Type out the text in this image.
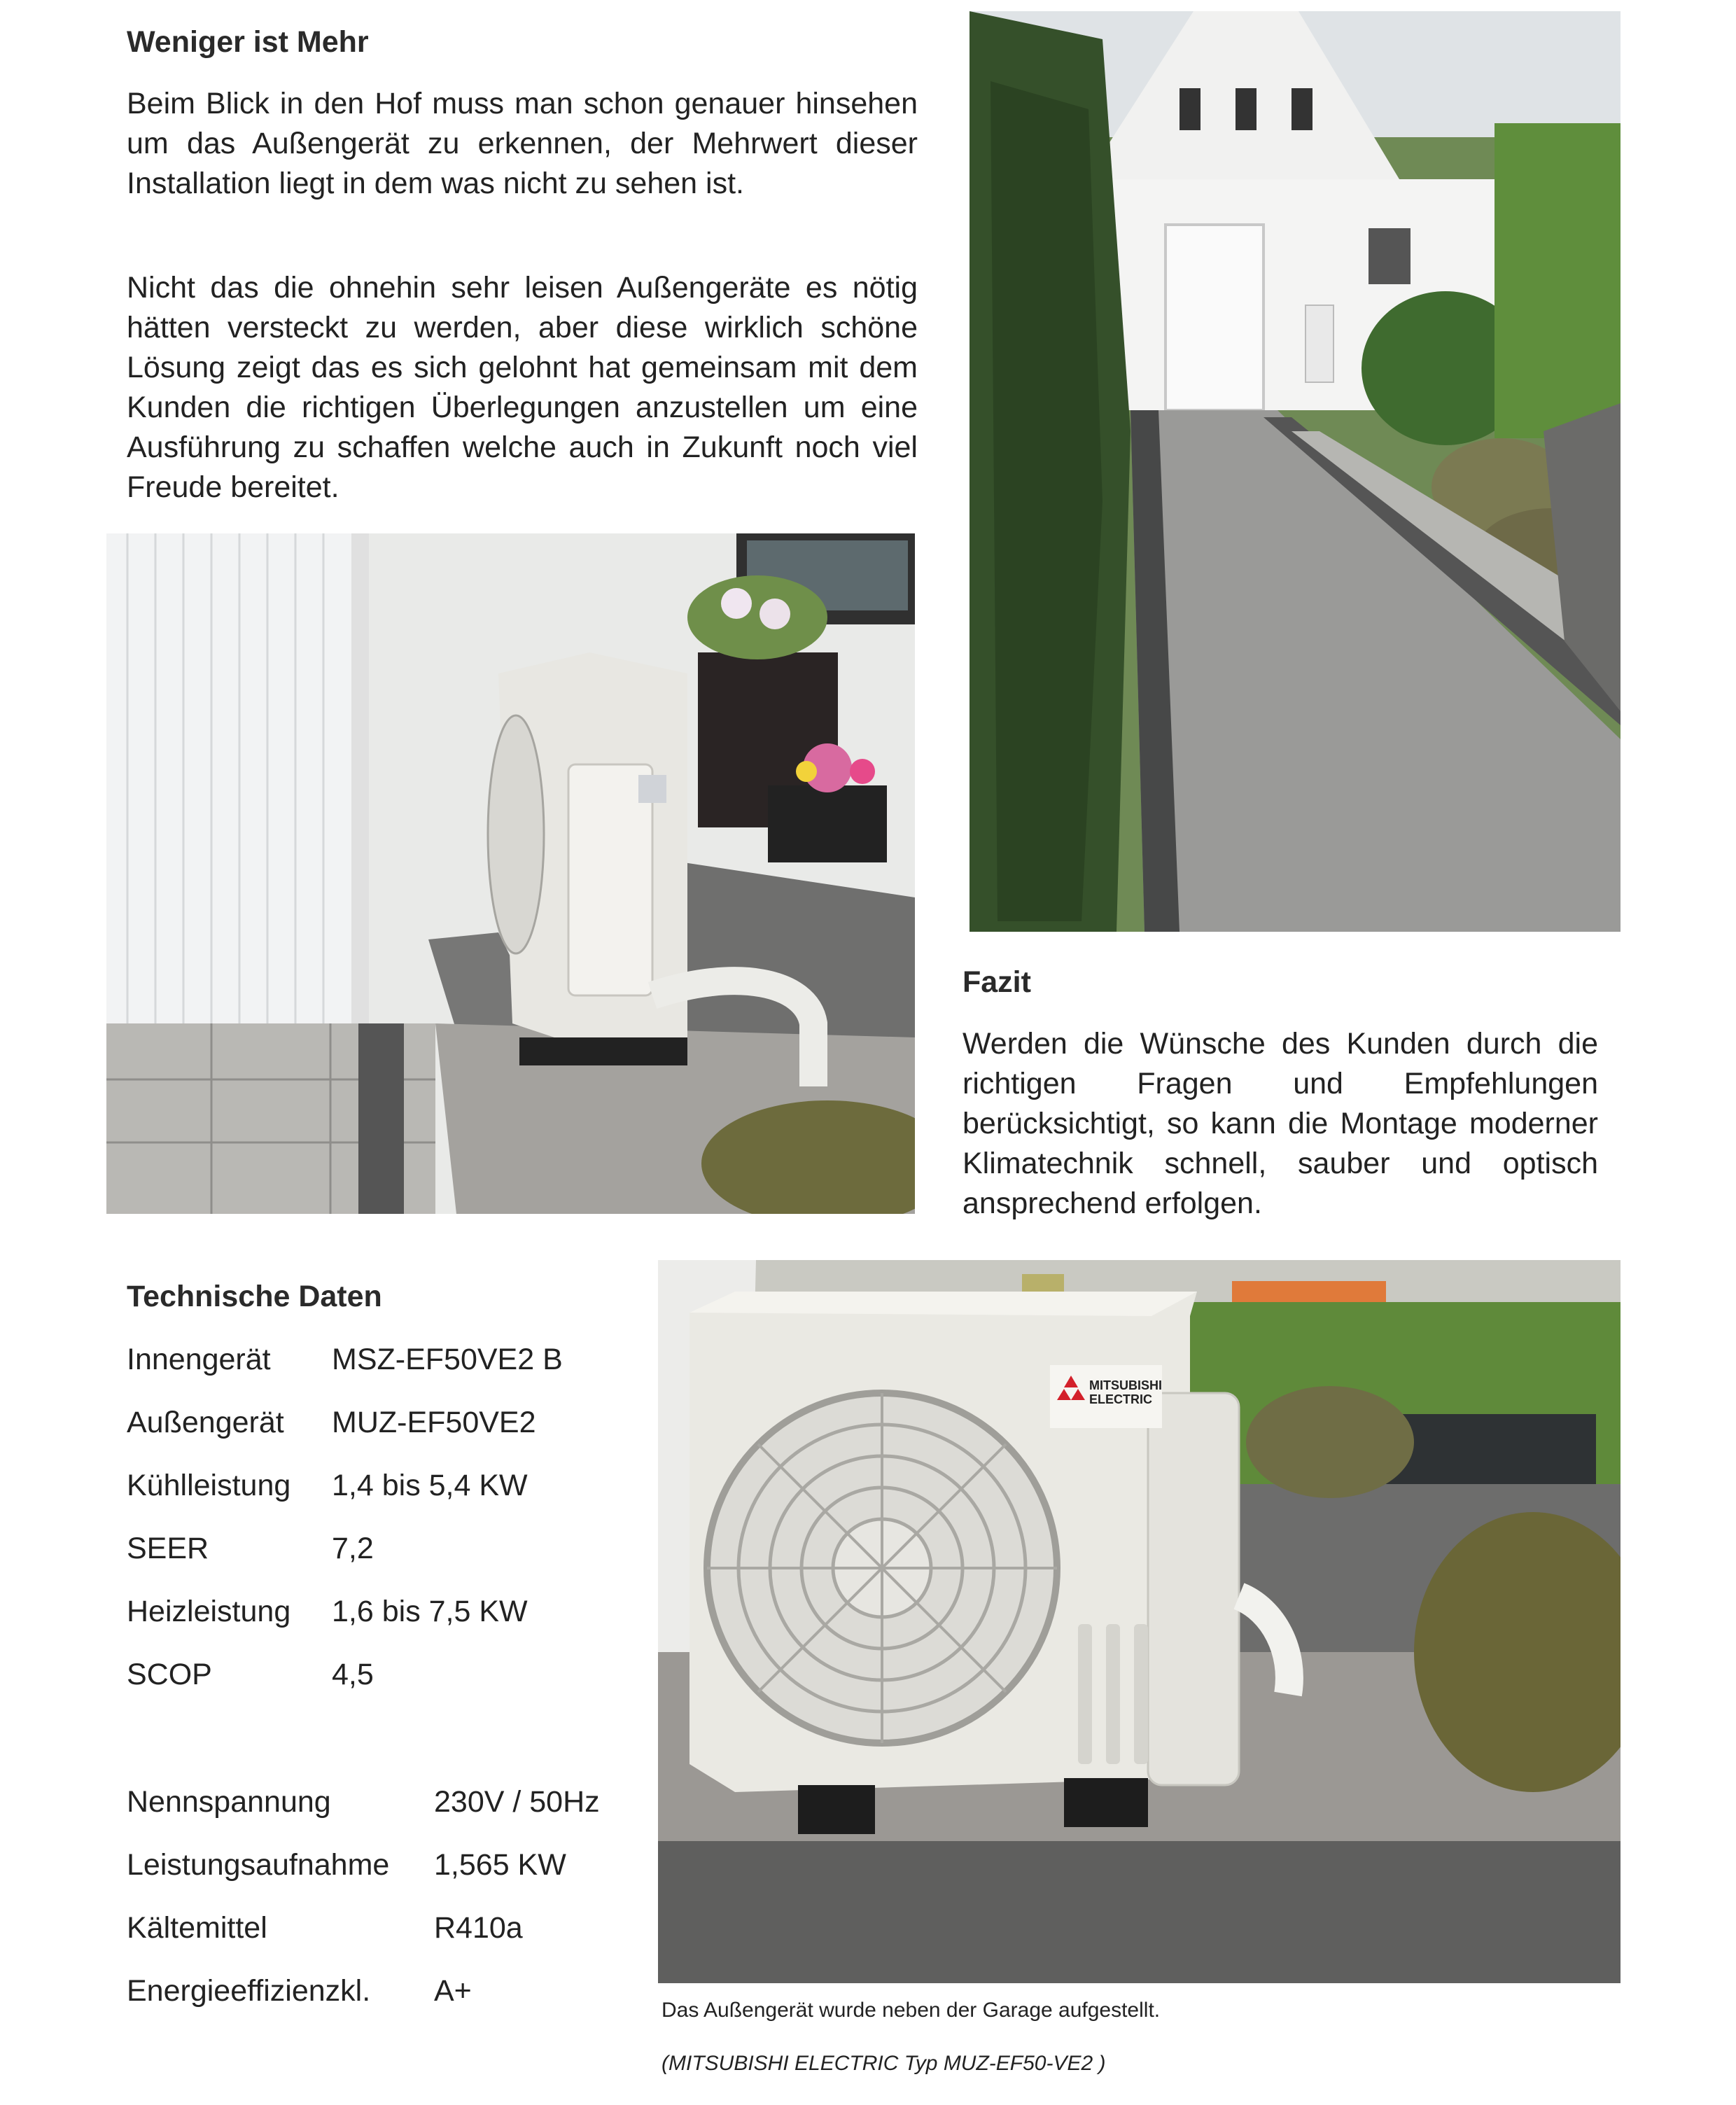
Weniger ist Mehr

Beim Blick in den Hof muss man schon genauer hinsehen um das Außengerät zu erkennen, der Mehrwert dieser Installation liegt in dem was nicht zu sehen ist.

Nicht das die ohnehin sehr leisen Außengeräte es nötig hätten versteckt zu werden, aber diese wirklich schöne Lösung zeigt das es sich gelohnt hat gemeinsam mit dem Kunden die richtigen Überlegungen anzustellen um eine Ausführung zu schaffen welche auch in Zukunft noch viel Freude bereitet.

Fazit

Werden die Wünsche des Kunden durch die richtigen Fragen und Empfehlungen berücksichtigt, so kann die Montage moderner Klimatechnik schnell, sauber und optisch ansprechend erfolgen.

Technische Daten
Innengerät MSZ-EF50VE2 B
Außengerät MUZ-EF50VE2
Kühlleistung 1,4 bis 5,4 KW
SEER	7,2
Heizleistung 1,6 bis 7,5 KW
SCOP	4,5
Nennspannung	230V / 50Hz
Leistungsaufnahme 1,565 KW
Kältemittel	R410a
Energieeffizienzkl. A+
MITSUBISHI
ELECTRIC
Das Außengerät wurde neben der Garage aufgestellt.
(MITSUBISHI ELECTRIC Typ MUZ-EF50-VE2 )
